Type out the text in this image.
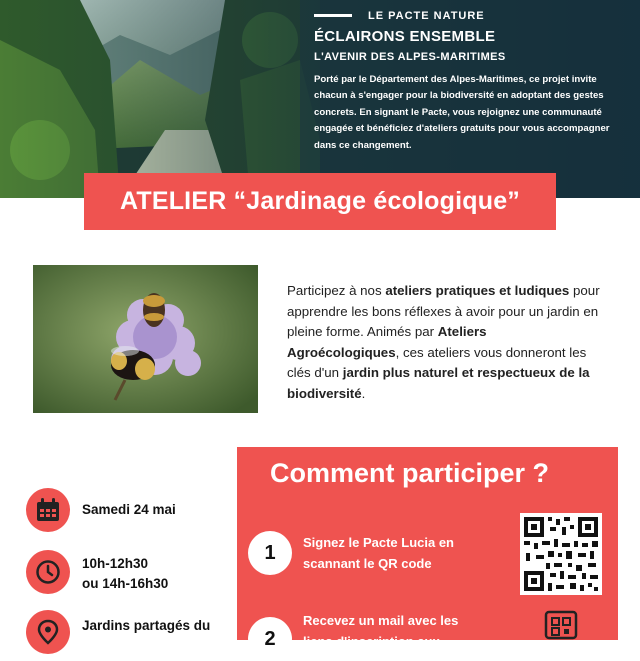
LE PACTE NATURE
ÉCLAIRONS ENSEMBLE
L'AVENIR DES ALPES-MARITIMES
Porté par le Département des Alpes-Maritimes, ce projet invite chacun à s'engager pour la biodiversité en adoptant des gestes concrets. En signant le Pacte, vous rejoignez une communauté engagée et bénéficiez d'ateliers gratuits pour vous accompagner dans ce changement.
ATELIER “Jardinage écologique”
Participez à nos ateliers pratiques et ludiques pour apprendre les bons réflexes à avoir pour un jardin en pleine forme. Animés par Ateliers Agroécologiques, ces ateliers vous donneront les clés d'un jardin plus naturel et respectueux de la biodiversité.
Samedi 24 mai
10h-12h30
ou 14h-16h30
Jardins partagés du
Comment participer ?
1	Signez le Pacte Lucia en
scannant le QR code
2
Recevez un mail avec les
liens d'inscription aux
